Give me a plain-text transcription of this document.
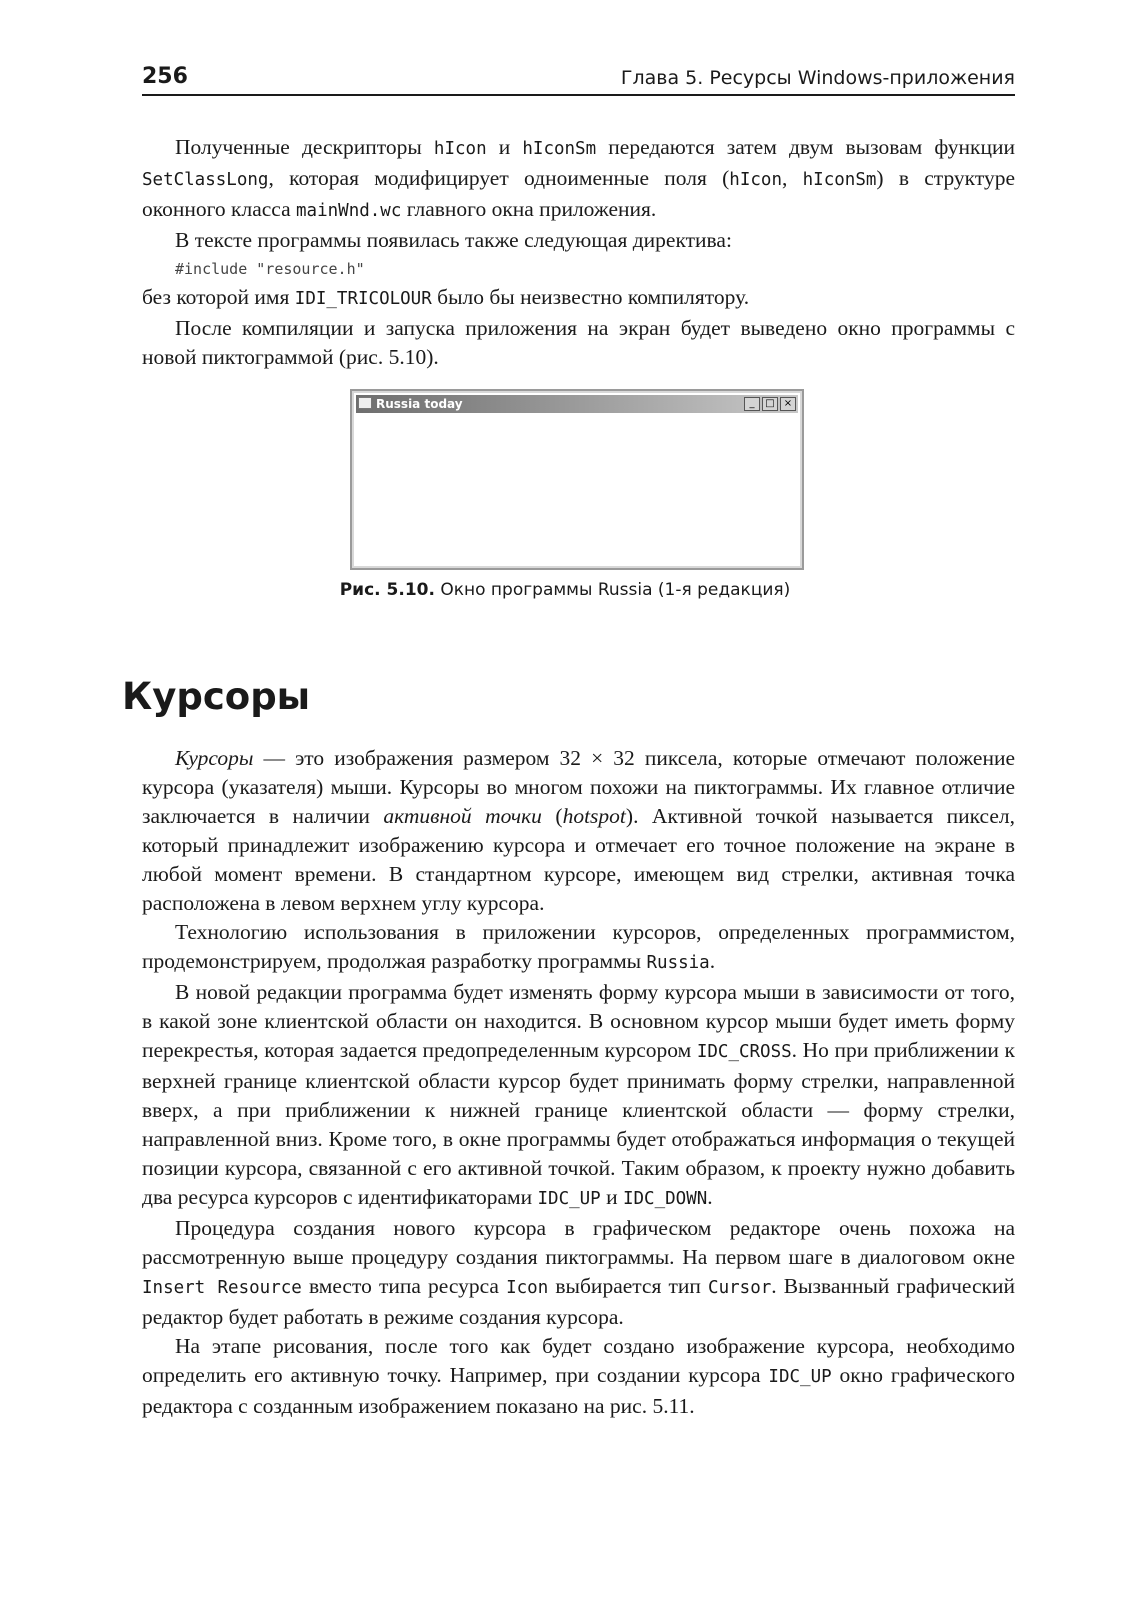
256	Глава 5. Ресурсы Windows-приложения

Полученные дескрипторы hIcon и hIconSm передаются затем двум вызовам функции SetClassLong, которая модифицирует одноименные поля (hIcon, hIconSm) в структуре оконного класса mainWnd.wc главного окна приложения.

В тексте программы появилась также следующая директива:

#include "resource.h"

без которой имя IDI_TRICOLOUR было бы неизвестно компилятору.

После компиляции и запуска приложения на экран будет выведено окно программы с новой пиктограммой (рис. 5.10).

Russia today	_	□ ×
Рис. 5.10. Окно программы Russia (1-я редакция)
Курсоры

Курсоры — это изображения размером 32 × 32 пиксела, которые отмечают положение курсора (указателя) мыши. Курсоры во многом похожи на пиктограммы. Их главное отличие заключается в наличии активной точки (hotspot). Активной точкой называется пиксел, который принадлежит изображению курсора и отмечает его точное положение на экране в любой момент времени. В стандартном курсоре, имеющем вид стрелки, активная точка расположена в левом верхнем углу курсора.

Технологию использования в приложении курсоров, определенных программистом, продемонстрируем, продолжая разработку программы Russia.

В новой редакции программа будет изменять форму курсора мыши в зависимости от того, в какой зоне клиентской области он находится. В основном курсор мыши будет иметь форму перекрестья, которая задается предопределенным курсором IDC_CROSS. Но при приближении к верхней границе клиентской области курсор будет принимать форму стрелки, направленной вверх, а при приближении к нижней границе клиентской области — форму стрелки, направленной вниз. Кроме того, в окне программы будет отображаться информация о текущей позиции курсора, связанной с его активной точкой. Таким образом, к проекту нужно добавить два ресурса курсоров с идентификаторами IDC_UP и IDC_DOWN.

Процедура создания нового курсора в графическом редакторе очень похожа на рассмотренную выше процедуру создания пиктограммы. На первом шаге в диалоговом окне Insert Resource вместо типа ресурса Icon выбирается тип Cursor. Вызванный графический редактор будет работать в режиме создания курсора.

На этапе рисования, после того как будет создано изображение курсора, необходимо определить его активную точку. Например, при создании курсора IDC_UP окно графического редактора с созданным изображением показано на рис. 5.11.
